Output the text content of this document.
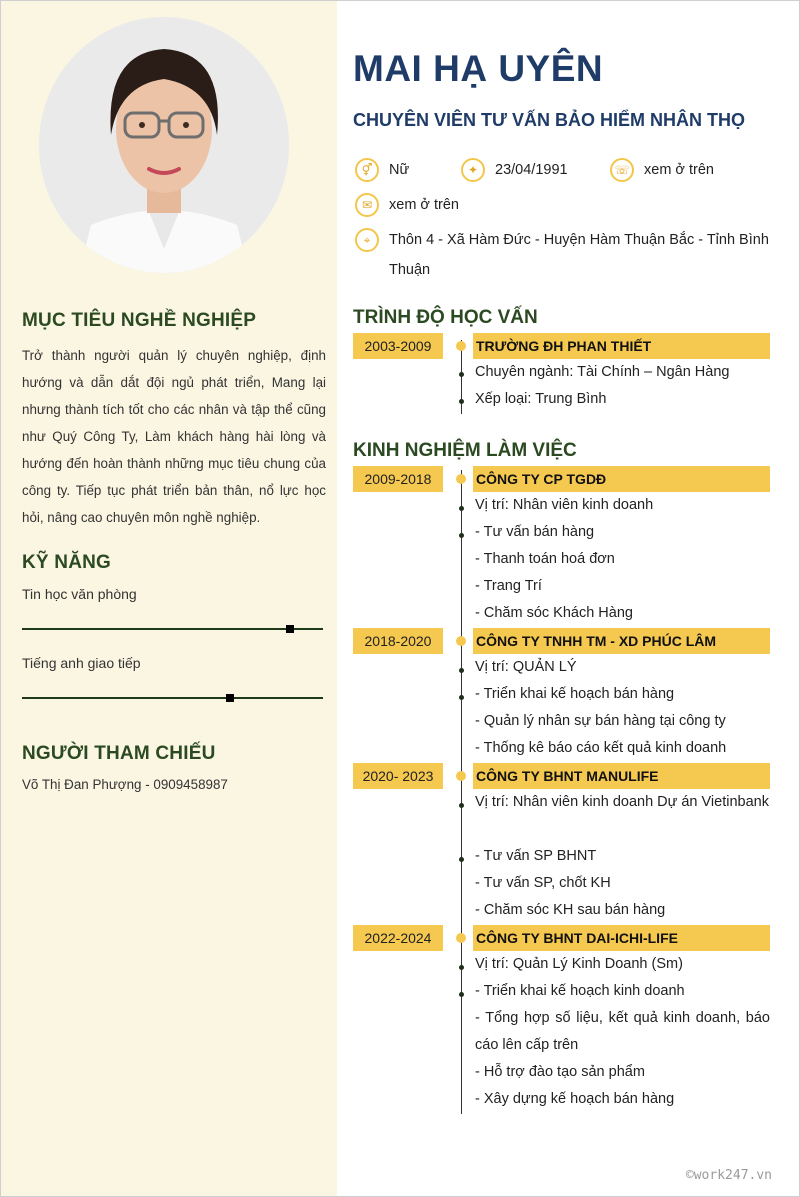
MỤC TIÊU NGHỀ NGHIỆP

Trở thành người quản lý chuyên nghiệp, định hướng và dẫn dắt đội ngủ phát triển, Mang lại nhưng thành tích tốt cho các nhân và tập thể cũng như Quý Công Ty, Làm khách hàng hài lòng và hướng đến hoàn thành những mục tiêu chung của công ty. Tiếp tục phát triển bản thân, nổ lực học hỏi, nâng cao chuyên môn nghề nghiệp.

KỸ NĂNG
Tin học văn phòng
Tiếng anh giao tiếp
NGƯỜI THAM CHIẾU
Võ Thị Đan Phượng - 0909458987
MAI HẠ UYÊN
CHUYÊN VIÊN TƯ VẤN BẢO HIỂM NHÂN THỌ
⚥	Nữ	✦	23/04/1991	☏	xem ở trên
✉	xem ở trên
⌖	Thôn 4 - Xã Hàm Đức - Huyện Hàm Thuận Bắc - Tỉnh Bình
Thuận
TRÌNH ĐỘ HỌC VẤN
2003-2009	TRƯỜNG ĐH PHAN THIẾT
Chuyên ngành: Tài Chính – Ngân Hàng
Xếp loại: Trung Bình
KINH NGHIỆM LÀM VIỆC
2009-2018	CÔNG TY CP TGDĐ
Vị trí: Nhân viên kinh doanh
- Tư vấn bán hàng
- Thanh toán hoá đơn
- Trang Trí
- Chăm sóc Khách Hàng
2018-2020	CÔNG TY TNHH TM - XD PHÚC LÂM
Vị trí: QUẢN LÝ
- Triển khai kế hoạch bán hàng
- Quản lý nhân sự bán hàng tại công ty
- Thống kê báo cáo kết quả kinh doanh
2020- 2023	CÔNG TY BHNT MANULIFE
Vị trí: Nhân viên kinh doanh Dự án Vietinbank
- Tư vấn SP BHNT
- Tư vấn SP, chốt KH
- Chăm sóc KH sau bán hàng
2022-2024	CÔNG TY BHNT DAI-ICHI-LIFE
Vị trí: Quản Lý Kinh Doanh (Sm)
- Triển khai kế hoạch kinh doanh
- Tổng hợp số liệu, kết quả kinh doanh, báo cáo lên cấp trên
- Hỗ trợ đào tạo sản phẩm
- Xây dựng kế hoạch bán hàng
©work247.vn
